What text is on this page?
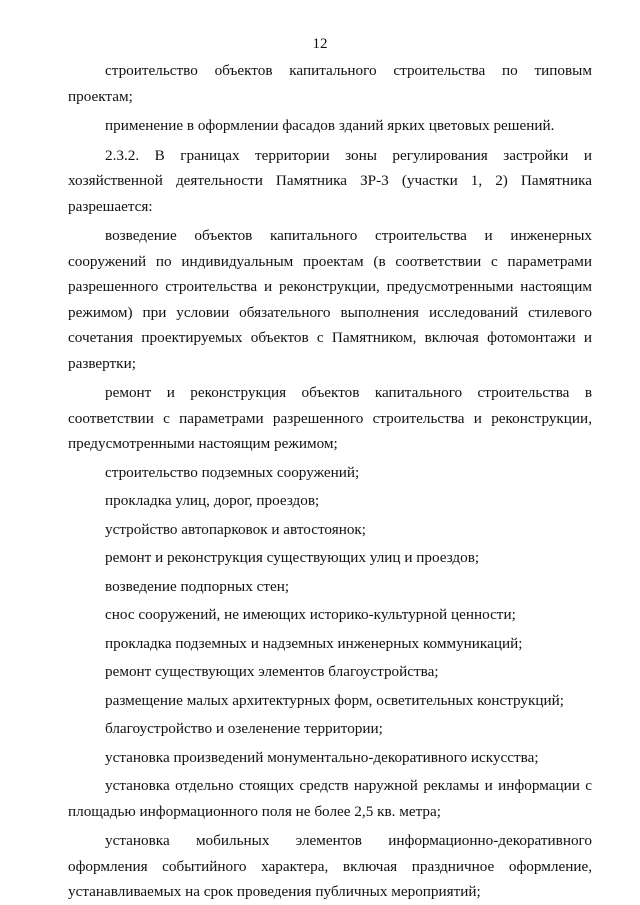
12

строительство объектов капитального строительства по типовым проектам;

применение в оформлении фасадов зданий ярких цветовых решений.

2.3.2. В границах территории зоны регулирования застройки и хозяйственной деятельности Памятника ЗР-3 (участки 1, 2) Памятника разрешается:

возведение объектов капитального строительства и инженерных сооружений по индивидуальным проектам (в соответствии с параметрами разрешенного строительства и реконструкции, предусмотренными настоящим режимом) при условии обязательного выполнения исследований стилевого сочетания проектируемых объектов с Памятником, включая фотомонтажи и развертки;

ремонт и реконструкция объектов капитального строительства в соответствии с параметрами разрешенного строительства и реконструкции, предусмотренными настоящим режимом;

строительство подземных сооружений;

прокладка улиц, дорог, проездов;

устройство автопарковок и автостоянок;

ремонт и реконструкция существующих улиц и проездов;

возведение подпорных стен;

снос сооружений, не имеющих историко-культурной ценности;

прокладка подземных и надземных инженерных коммуникаций;

ремонт существующих элементов благоустройства;

размещение малых архитектурных форм, осветительных конструкций;

благоустройство и озеленение территории;

установка произведений монументально-декоративного искусства;

установка отдельно стоящих средств наружной рекламы и информации с площадью информационного поля не более 2,5 кв. метра;

установка мобильных элементов информационно-декоративного оформления событийного характера, включая праздничное оформление, устанавливаемых на срок проведения публичных мероприятий;
